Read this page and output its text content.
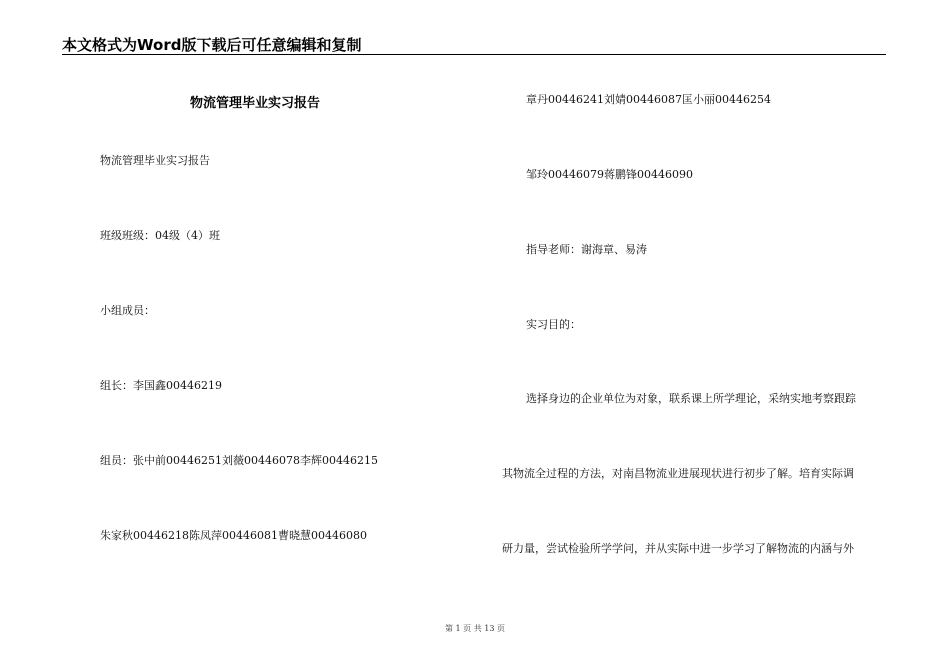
本文格式为Word版下载后可任意编辑和复制
物流管理毕业实习报告
物流管理毕业实习报告
班级班级：04级（4）班
小组成员：
组长：李国鑫00446219
组员：张中前00446251刘薇00446078李辉00446215
朱家秋00446218陈凤萍00446081曹晓慧00446080
章丹00446241刘婧00446087匡小丽00446254
邹玲00446079蒋鹏锋00446090
指导老师：谢海章、易涛
实习目的：
选择身边的企业单位为对象，联系课上所学理论，采纳实地考察跟踪
其物流全过程的方法，对南昌物流业进展现状进行初步了解。培育实际调
研力量，尝试检验所学学问，并从实际中进一步学习了解物流的内涵与外
第 1 页 共 13 页
